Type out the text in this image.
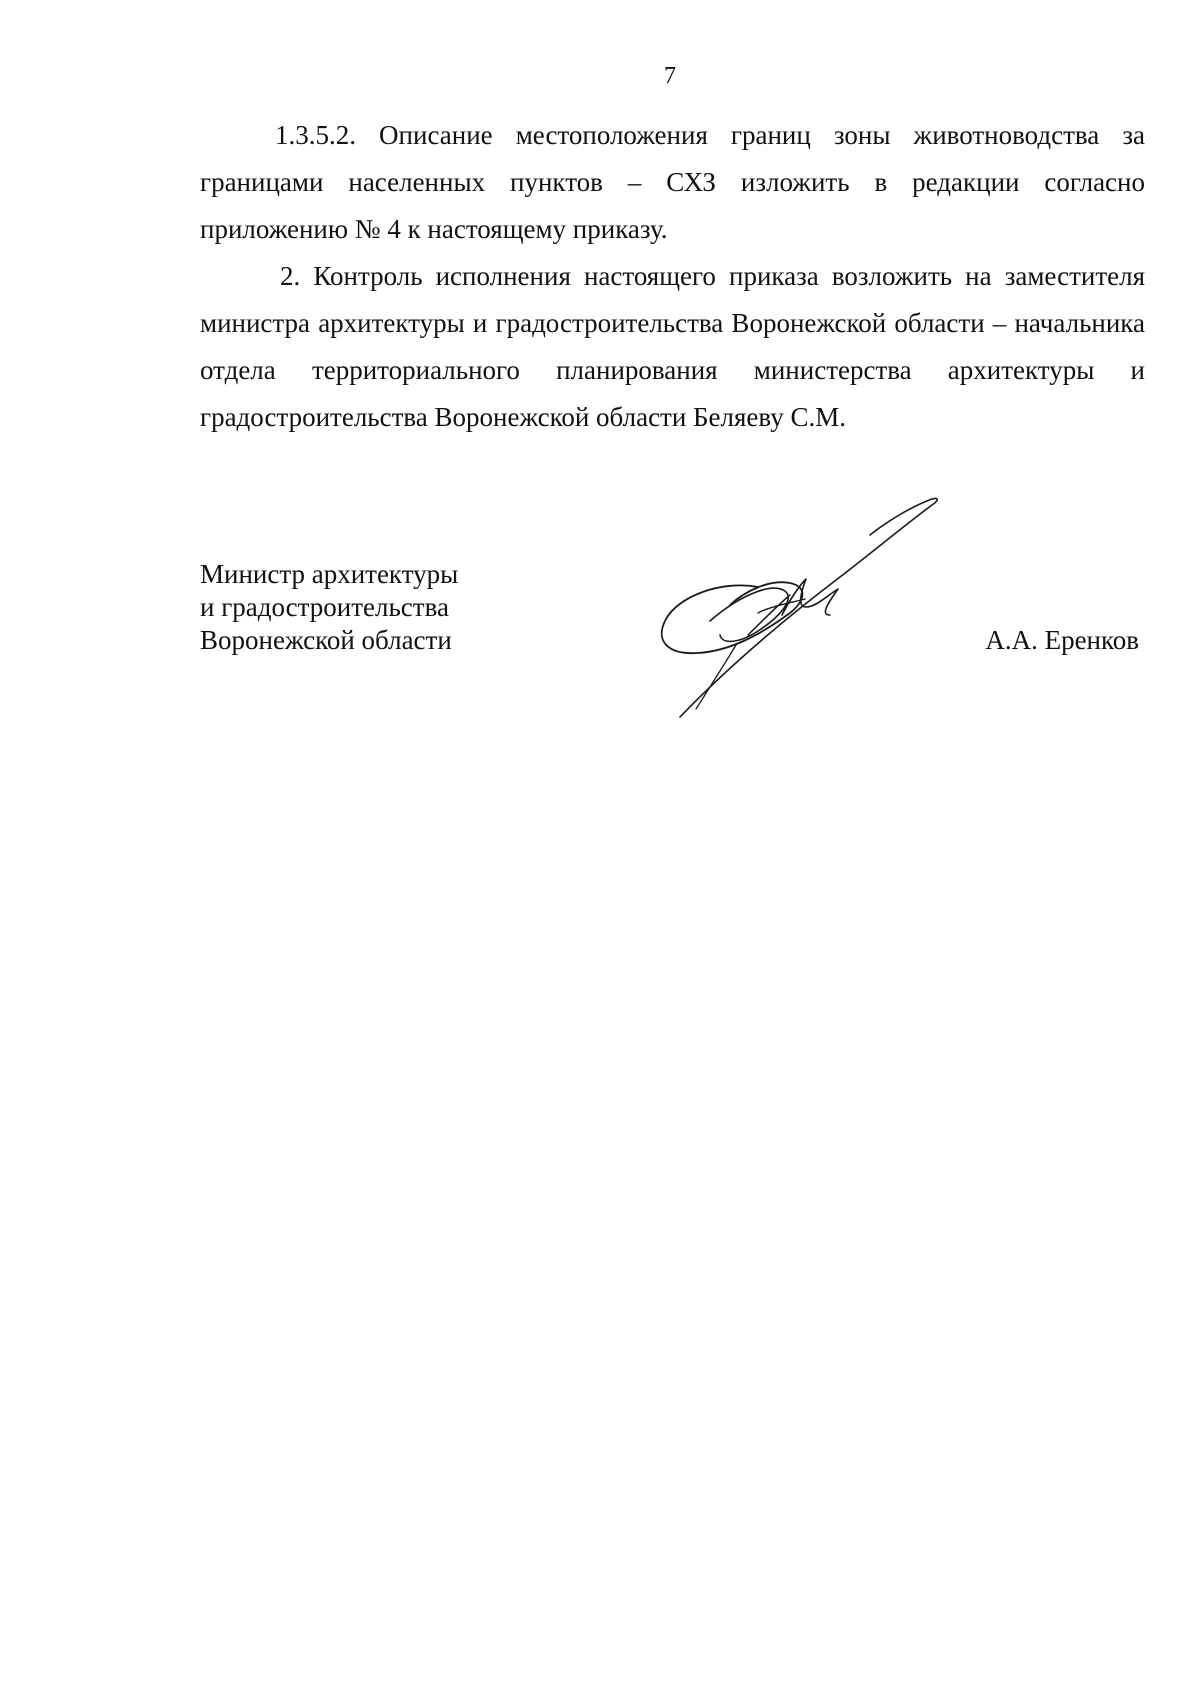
7

1.3.5.2. Описание местоположения границ зоны животноводства за границами населенных пунктов – СХЗ изложить в редакции согласно приложению № 4 к настоящему приказу.

2. Контроль исполнения настоящего приказа возложить на заместителя министра архитектуры и градостроительства Воронежской области – начальника отдела территориального планирования министерства архитектуры и градостроительства Воронежской области Беляеву С.М.

Министр архитектуры
и градостроительства
Воронежской области	А.А. Еренков
